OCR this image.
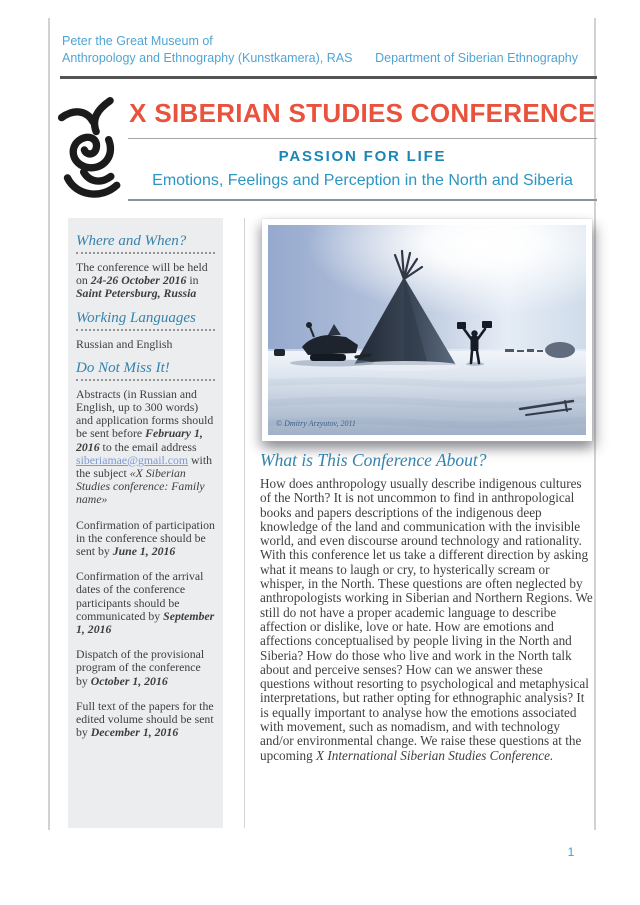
Peter the Great Museum of
Anthropology and Ethnography (Kunstkamera), RAS	Department of Siberian Ethnography
X SIBERIAN STUDIES CONFERENCE
PASSION FOR LIFE
Emotions, Feelings and Perception in the North and Siberia
Where and When?

The conference will be held on 24-26 October 2016 in Saint Petersburg, Russia

Working Languages

Russian and English

Do Not Miss It!

Abstracts (in Russian and English, up to 300 words) and application forms should be sent before February 1, 2016 to the email address siberiamae@gmail.com with the subject «X Siberian Studies conference: Family name»

Confirmation of participation in the conference should be sent by June 1, 2016

Confirmation of the arrival dates of the conference participants should be communicated by September 1, 2016

Dispatch of the provisional program of the conference by October 1, 2016

Full text of the papers for the edited volume should be sent by December 1, 2016

© Dmitry Arzyutov, 2011
What is This Conference About?

How does anthropology usually describe indigenous cultures of the North? It is not uncommon to find in anthropological books and papers descriptions of the indigenous deep knowledge of the land and communication with the invisible world, and even discourse around technology and rationality. With this conference let us take a different direction by asking what it means to laugh or cry, to hysterically scream or whisper, in the North. These questions are often neglected by anthropologists working in Siberian and Northern Regions. We still do not have a proper academic language to describe affection or dislike, love or hate. How are emotions and affections conceptualised by people living in the North and Siberia? How do those who live and work in the North talk about and perceive senses? How can we answer these questions without resorting to psychological and metaphysical interpretations, but rather opting for ethnographic analysis? It is equally important to analyse how the emotions associated with movement, such as nomadism, and with technology and/or environmental change. We raise these questions at the upcoming X International Siberian Studies Conference.

1
